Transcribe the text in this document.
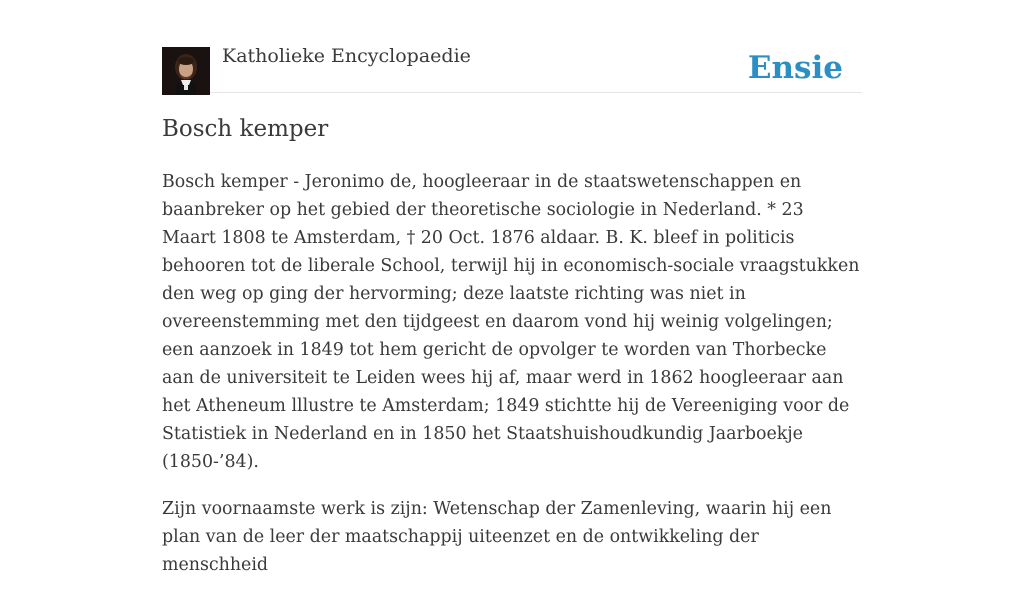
Katholieke Encyclopaedie	Ensie
Bosch kemper

Bosch kemper - Jeronimo de, hoogleeraar in de staatswetenschappen en baanbreker op het gebied der theoretische sociologie in Nederland. * 23 Maart 1808 te Amsterdam, † 20 Oct. 1876 aldaar. B. K. bleef in politicis behooren tot de liberale School, terwijl hij in economisch-sociale vraagstukken den weg op ging der hervorming; deze laatste richting was niet in overeenstemming met den tijdgeest en daarom vond hij weinig volgelingen; een aanzoek in 1849 tot hem gericht de opvolger te worden van Thorbecke aan de universiteit te Leiden wees hij af, maar werd in 1862 hoogleeraar aan het Atheneum lllustre te Amsterdam; 1849 stichtte hij de Vereeniging voor de Statistiek in Nederland en in 1850 het Staatshuishoudkundig Jaarboekje (1850-’84).

Zijn voornaamste werk is zijn: Wetenschap der Zamenleving, waarin hij een plan van de leer der maatschappij uiteenzet en de ontwikkeling der menschheid
